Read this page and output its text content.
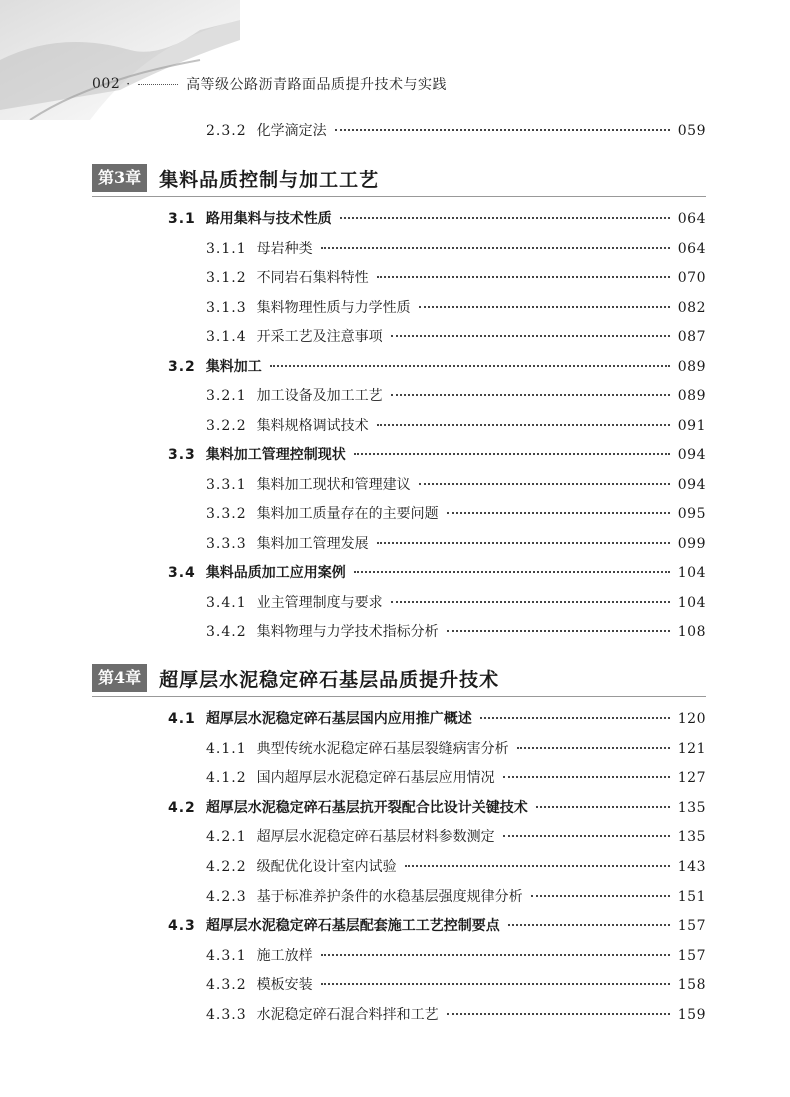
002 ·	高等级公路沥青路面品质提升技术与实践
2.3.2 化学滴定法	059
第3章 集料品质控制与加工工艺
3.1 路用集料与技术性质	064
3.1.1 母岩种类	064
3.1.2 不同岩石集料特性	070
3.1.3 集料物理性质与力学性质	082
3.1.4 开采工艺及注意事项	087
3.2 集料加工	089
3.2.1 加工设备及加工工艺	089
3.2.2 集料规格调试技术	091
3.3 集料加工管理控制现状	094
3.3.1 集料加工现状和管理建议	094
3.3.2 集料加工质量存在的主要问题	095
3.3.3 集料加工管理发展	099
3.4 集料品质加工应用案例	104
3.4.1 业主管理制度与要求	104
3.4.2 集料物理与力学技术指标分析	108
第4章 超厚层水泥稳定碎石基层品质提升技术
4.1 超厚层水泥稳定碎石基层国内应用推广概述	120
4.1.1 典型传统水泥稳定碎石基层裂缝病害分析	121
4.1.2 国内超厚层水泥稳定碎石基层应用情况	127
4.2 超厚层水泥稳定碎石基层抗开裂配合比设计关键技术	135
4.2.1 超厚层水泥稳定碎石基层材料参数测定	135
4.2.2 级配优化设计室内试验	143
4.2.3 基于标准养护条件的水稳基层强度规律分析	151
4.3 超厚层水泥稳定碎石基层配套施工工艺控制要点	157
4.3.1 施工放样	157
4.3.2 模板安装	158
4.3.3 水泥稳定碎石混合料拌和工艺	159
